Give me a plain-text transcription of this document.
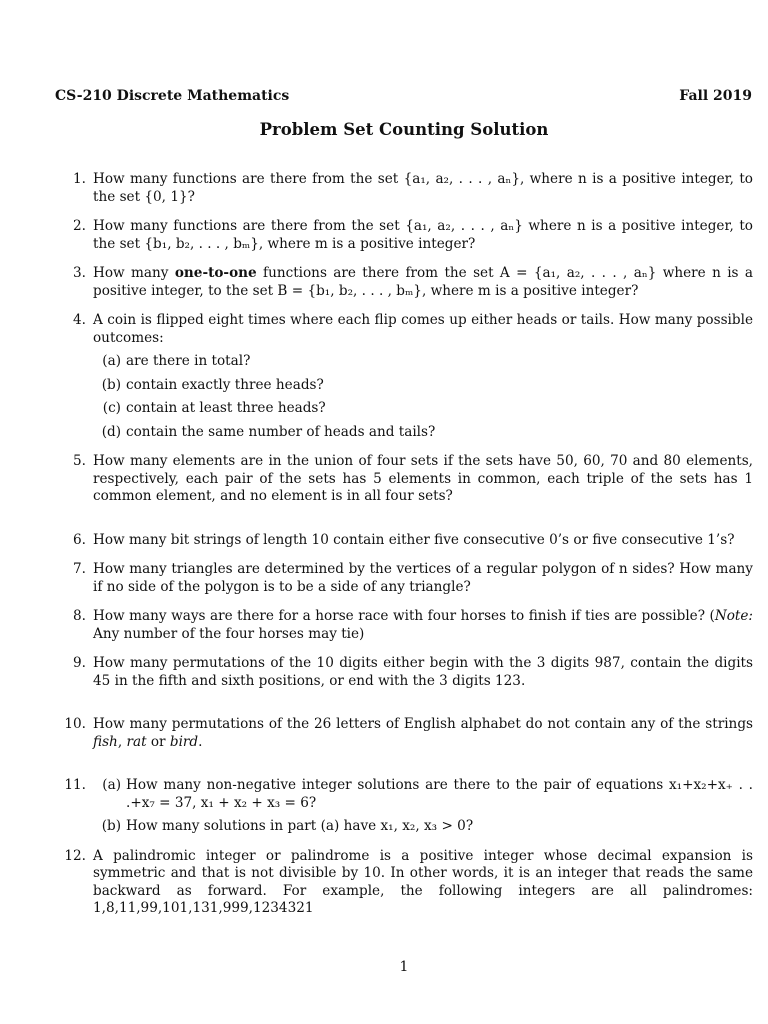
CS-210 Discrete Mathematics	Fall 2019
Problem Set Counting Solution
1. How many functions are there from the set {a₁, a₂, . . . , aₙ}, where n is a positive integer, to the set {0, 1}?
2. How many functions are there from the set {a₁, a₂, . . . , aₙ} where n is a positive integer, to the set {b₁, b₂, . . . , bₘ}, where m is a positive integer?
3. How many one-to-one functions are there from the set A = {a₁, a₂, . . . , aₙ} where n is a positive integer, to the set B = {b₁, b₂, . . . , bₘ}, where m is a positive integer?
4. A coin is flipped eight times where each flip comes up either heads or tails. How many possible outcomes:
(a) are there in total?
(b) contain exactly three heads?
(c) contain at least three heads?
(d) contain the same number of heads and tails?
5. How many elements are in the union of four sets if the sets have 50, 60, 70 and 80 elements, respectively, each pair of the sets has 5 elements in common, each triple of the sets has 1 common element, and no element is in all four sets?
6. How many bit strings of length 10 contain either five consecutive 0’s or five consecutive 1’s?
7. How many triangles are determined by the vertices of a regular polygon of n sides? How many if no side of the polygon is to be a side of any triangle?
8. How many ways are there for a horse race with four horses to finish if ties are possible? (Note: Any number of the four horses may tie)
9. How many permutations of the 10 digits either begin with the 3 digits 987, contain the digits 45 in the fifth and sixth positions, or end with the 3 digits 123.
10. How many permutations of the 26 letters of English alphabet do not contain any of the strings fish, rat or bird.
11.	(a) How many non-negative integer solutions are there to the pair of equations x₁+x₂+x₊ . . .+x₇ = 37, x₁ + x₂ + x₃ = 6?
(b) How many solutions in part (a) have x₁, x₂, x₃ > 0?
12. A palindromic integer or palindrome is a positive integer whose decimal expansion is symmetric and that is not divisible by 10. In other words, it is an integer that reads the same backward as forward. For example, the following integers are all palindromes: 1,8,11,99,101,131,999,1234321
1
